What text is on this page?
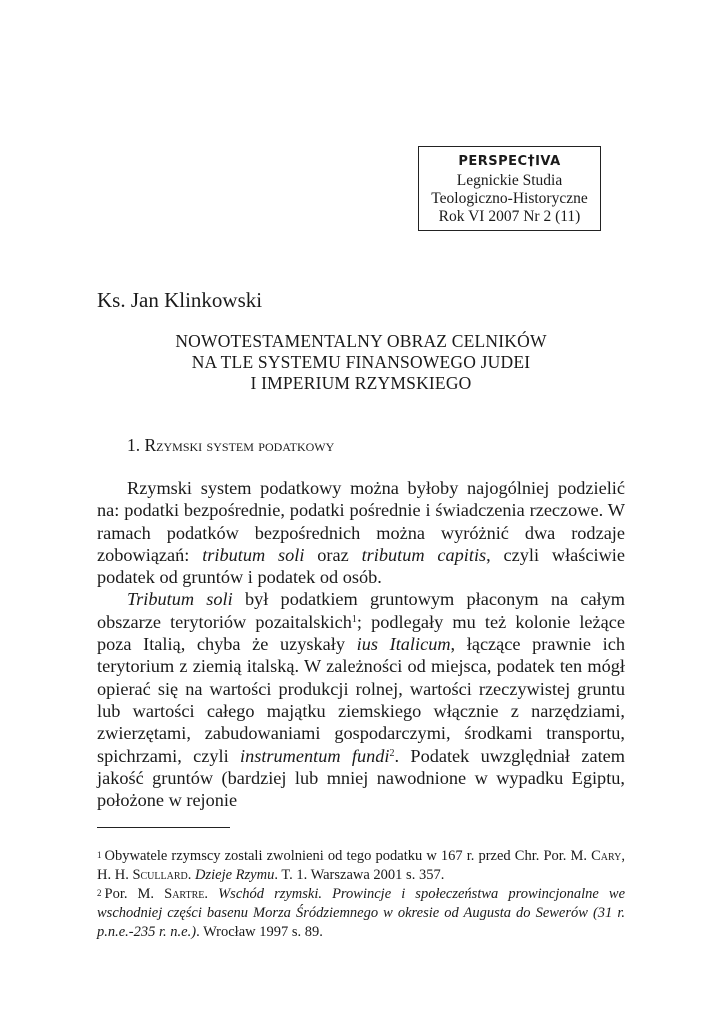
PERSPEC†IVA
Legnickie Studia
Teologiczno-Historyczne
Rok VI 2007 Nr 2 (11)
Ks. Jan Klinkowski
NOWOTESTAMENTALNY OBRAZ CELNIKÓW
NA TLE SYSTEMU FINANSOWEGO JUDEI
I IMPERIUM RZYMSKIEGO
1. Rzymski system podatkowy

Rzymski system podatkowy można byłoby najogólniej podzielić na: podatki bezpośrednie, podatki pośrednie i świadczenia rzeczowe. W ramach podatków bezpośrednich można wyróżnić dwa rodzaje zobowiązań: tributum soli oraz tributum capitis, czyli właściwie podatek od gruntów i podatek od osób.

Tributum soli był podatkiem gruntowym płaconym na całym obszarze terytoriów pozaitalskich$^1$; podlegały mu też kolonie leżące poza Italią, chyba że uzyskały ius Italicum, łączące prawnie ich terytorium z ziemią italską. W zależności od miejsca, podatek ten mógł opierać się na wartości produkcji rolnej, wartości rzeczywistej gruntu lub wartości całego majątku ziemskiego włącznie z narzędziami, zwierzętami, zabudowaniami gospodarczymi, środkami transportu, spichrzami, czyli instrumentum fundi$^2$. Podatek uwzględniał zatem jakość gruntów (bardziej lub mniej nawodnione w wypadku Egiptu, położone w rejonie

$^1$ Obywatele rzymscy zostali zwolnieni od tego podatku w 167 r. przed Chr. Por. M. Cary, H. H. Scullard. Dzieje Rzymu. T. 1. Warszawa 2001 s. 357.

$^2$ Por. M. Sartre. Wschód rzymski. Prowincje i społeczeństwa prowincjonalne we wschodniej części basenu Morza Śródziemnego w okresie od Augusta do Sewerów (31 r. p.n.e.-235 r. n.e.). Wrocław 1997 s. 89.
